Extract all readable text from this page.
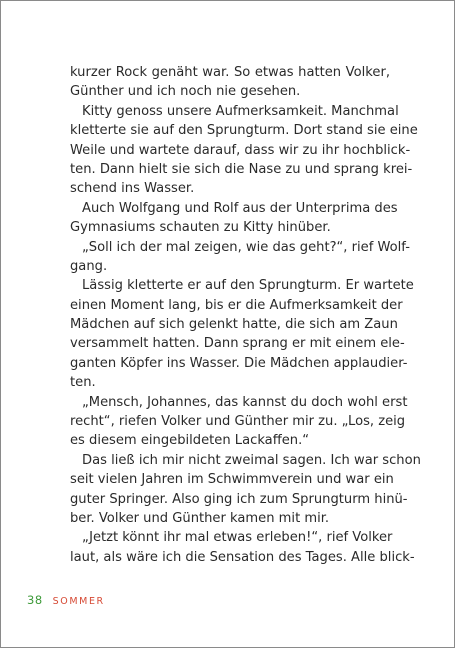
kurzer Rock genäht war. So etwas hatten Volker,
Günther und ich noch nie gesehen.
Kitty genoss unsere Aufmerksamkeit. Manchmal
kletterte sie auf den Sprungturm. Dort stand sie eine
Weile und wartete darauf, dass wir zu ihr hochblick-
ten. Dann hielt sie sich die Nase zu und sprang krei-
schend ins Wasser.
Auch Wolfgang und Rolf aus der Unterprima des
Gymnasiums schauten zu Kitty hinüber.
„Soll ich der mal zeigen, wie das geht?“, rief Wolf-
gang.
Lässig kletterte er auf den Sprungturm. Er wartete
einen Moment lang, bis er die Aufmerksamkeit der
Mädchen auf sich gelenkt hatte, die sich am Zaun
versammelt hatten. Dann sprang er mit einem ele-
ganten Köpfer ins Wasser. Die Mädchen applaudier-
ten.
„Mensch, Johannes, das kannst du doch wohl erst
recht“, riefen Volker und Günther mir zu. „Los, zeig
es diesem eingebildeten Lackaffen.“
Das ließ ich mir nicht zweimal sagen. Ich war schon
seit vielen Jahren im Schwimmverein und war ein
guter Springer. Also ging ich zum Sprungturm hinü-
ber. Volker und Günther kamen mit mir.
„Jetzt könnt ihr mal etwas erleben!“, rief Volker
laut, als wäre ich die Sensation des Tages. Alle blick-
38 SOMMER
